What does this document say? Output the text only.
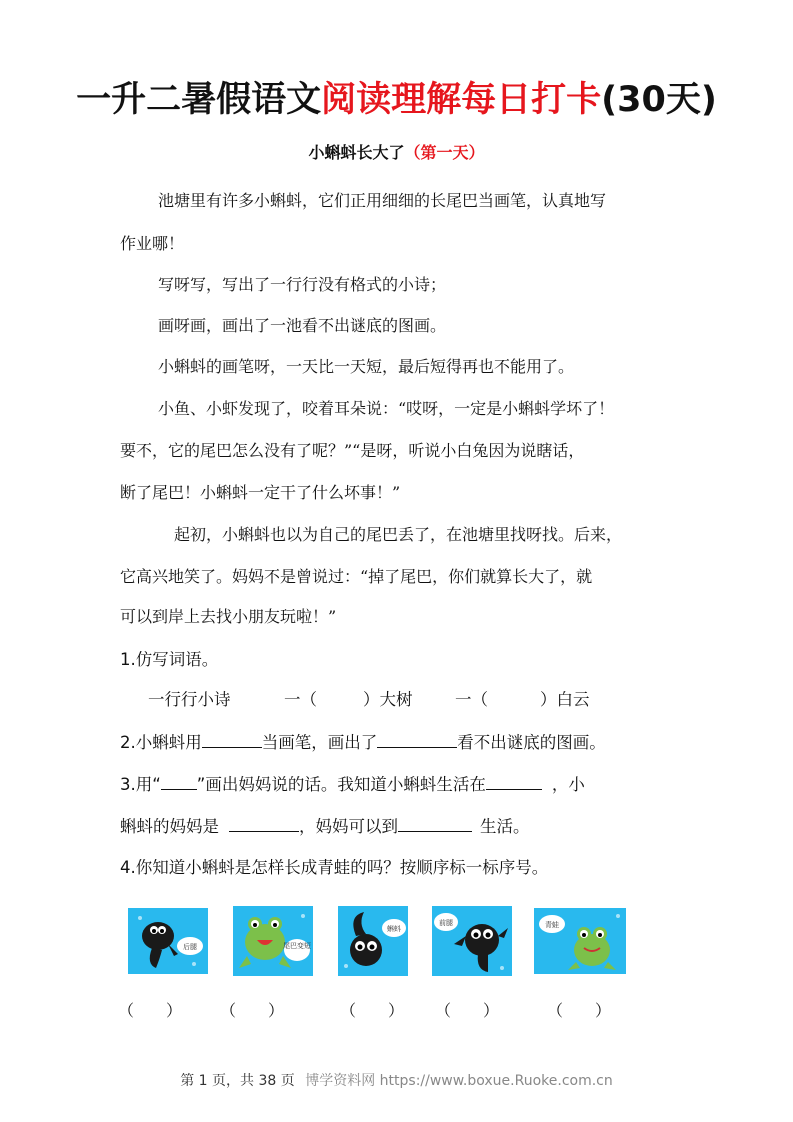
一升二暑假语文阅读理解每日打卡(30天)
小蝌蚪长大了（第一天）
池塘里有许多小蝌蚪，它们正用细细的长尾巴当画笔，认真地写
作业哪！
写呀写，写出了一行行没有格式的小诗；
画呀画，画出了一池看不出谜底的图画。
小蝌蚪的画笔呀，一天比一天短，最后短得再也不能用了。
小鱼、小虾发现了，咬着耳朵说：“哎呀，一定是小蝌蚪学坏了！
要不，它的尾巴怎么没有了呢？”“是呀，听说小白兔因为说瞎话，
断了尾巴！小蝌蚪一定干了什么坏事！”
起初，小蝌蚪也以为自己的尾巴丢了，在池塘里找呀找。后来，
它高兴地笑了。妈妈不是曾说过：“掉了尾巴，你们就算长大了，就
可以到岸上去找小朋友玩啦！”
1.仿写词语。
一行行小诗	一（	）大树	一（	）白云
2.小蝌蚪用	当画笔，画出了	看不出谜底的图画。
3.用“ ”画出妈妈说的话。我知道小蝌蚪生活在	，小
蝌蚪的妈妈是	，妈妈可以到	生活。
4.你知道小蝌蚪是怎样长成青蛙的吗？按顺序标一标序号。
后腿	尾巴变短
蝌蚪
前腿	青蛙
（　　） （　　）	（　　） （　　）	（　　）
第 1 页，共 38 页 博学资料网 https://www.boxue.Ruoke.com.cn
